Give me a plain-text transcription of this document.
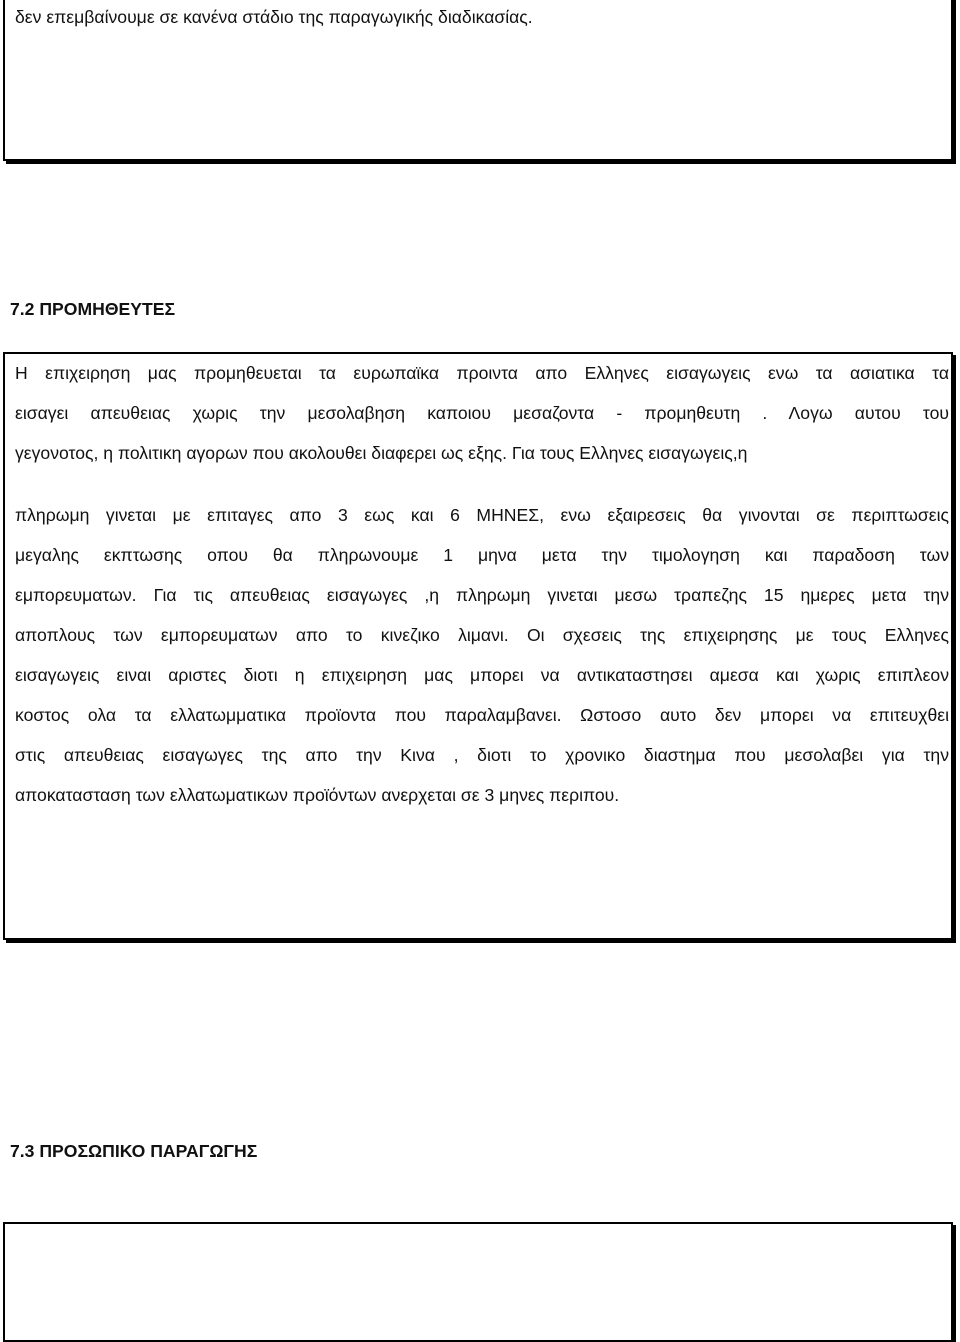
δεν επεμβαίνουμε σε κανένα στάδιο της παραγωγικής διαδικασίας.
7.2 ΠΡΟΜΗΘΕΥΤΕΣ
Η επιχειρηση μας προμηθευεται τα ευρωπαϊκα προιντα απο Ελληνες εισαγωγεις ενω τα ασιατικα τα
εισαγει απευθειας χωρις την μεσολαβηση καποιου μεσαζοντα - προμηθευτη . Λογω αυτου του
γεγονοτος, η πολιτικη αγορων που ακολουθει διαφερει ως εξης. Για τους Ελληνες εισαγωγεις,η
πληρωμη γινεται με επιταγες απο 3 εως και 6 ΜΗΝΕΣ, ενω εξαιρεσεις θα γινονται σε περιπτωσεις
μεγαλης εκπτωσης οπου θα πληρωνουμε 1 μηνα μετα την τιμολογηση και παραδοση των
εμπορευματων. Για τις απευθειας εισαγωγες ,η πληρωμη γινεται μεσω τραπεζης 15 ημερες μετα την
αποπλους των εμπορευματων απο το κινεζικο λιμανι. Οι σχεσεις της επιχειρησης με τους Ελληνες
εισαγωγεις ειναι αριστες διοτι η επιχειρηση μας μπορει να αντικαταστησει αμεσα και χωρις επιπλεον
κοστος ολα τα ελλατωμματικα προϊοντα που παραλαμβανει. Ωστοσο αυτο δεν μπορει να επιτευχθει
στις απευθειας εισαγωγες της απο την Κινα , διοτι το χρονικο διαστημα που μεσολαβει για την
αποκατασταση των ελλατωματικων προϊόντων ανερχεται σε 3 μηνες περιπου.
7.3 ΠΡΟΣΩΠΙΚΟ ΠΑΡΑΓΩΓΗΣ
